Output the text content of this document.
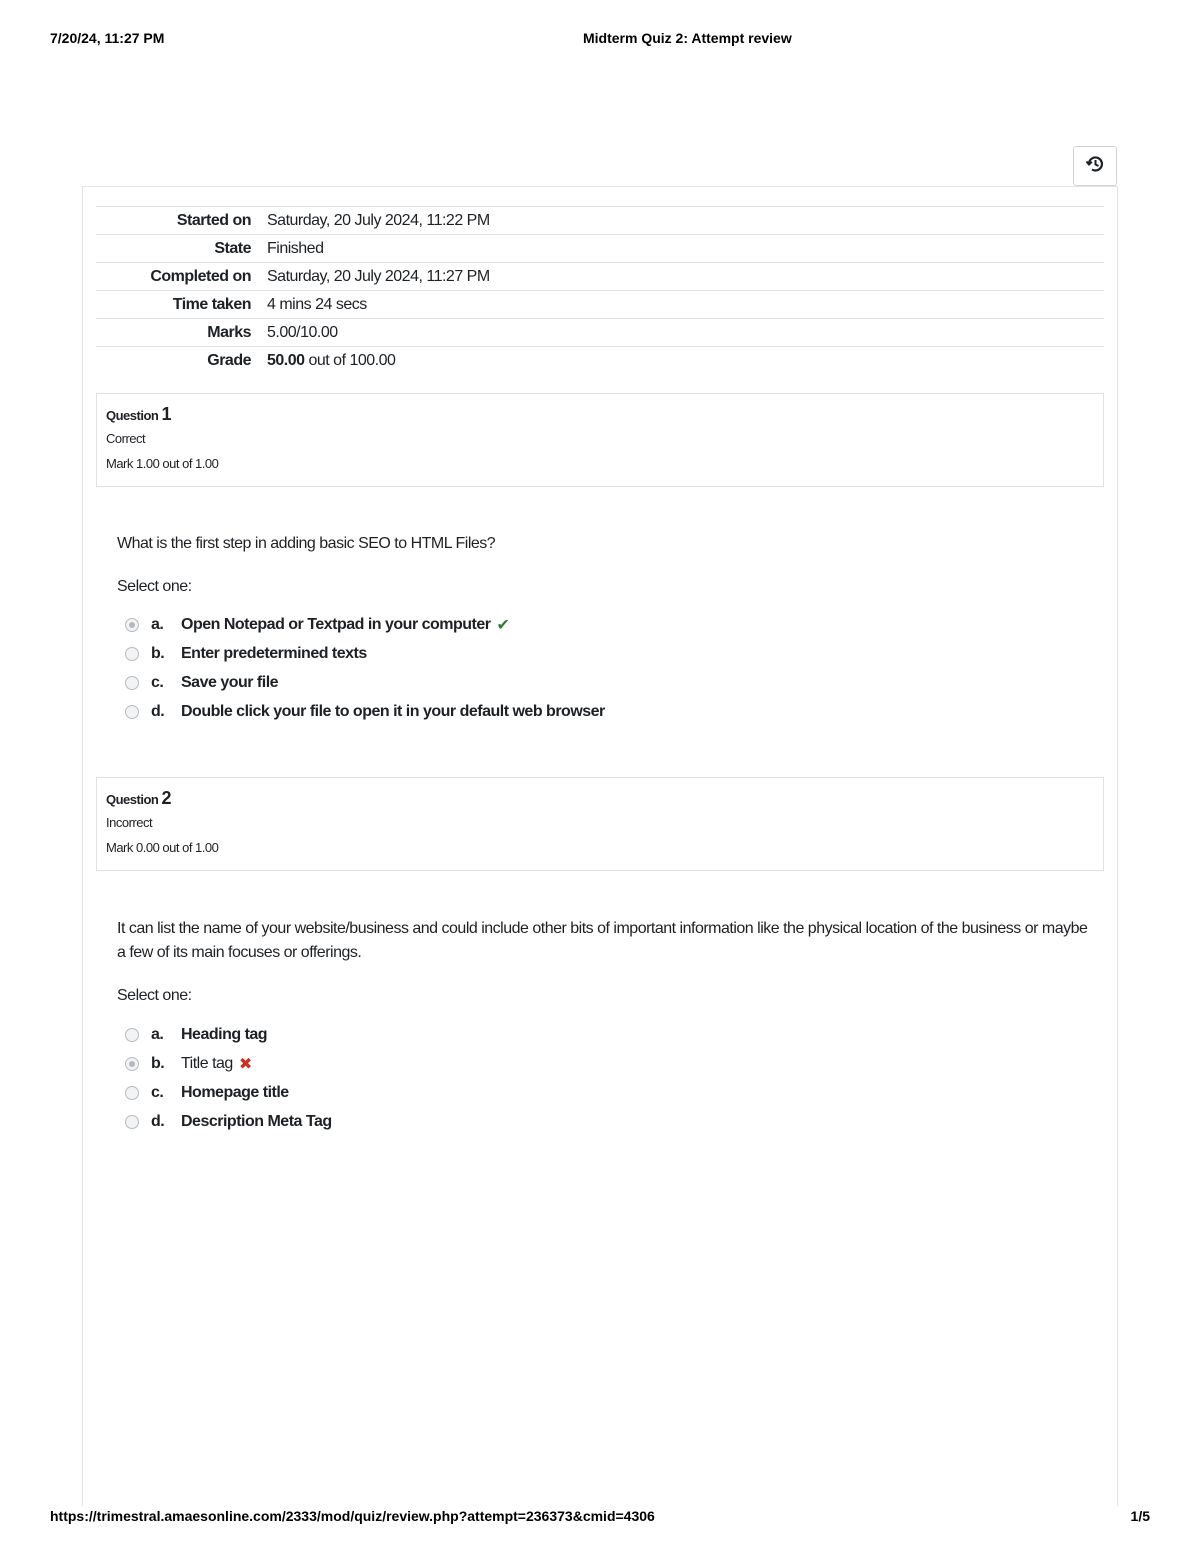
7/20/24, 11:27 PM	Midterm Quiz 2: Attempt review
Started on	Saturday, 20 July 2024, 11:22 PM
State	Finished
Completed on	Saturday, 20 July 2024, 11:27 PM
Time taken	4 mins 24 secs
Marks	5.00/10.00
Grade	50.00 out of 100.00
Question 1
Correct
Mark 1.00 out of 1.00
What is the first step in adding basic SEO to HTML Files?
Select one:
a.	Open Notepad or Textpad in your computer ✔
b.	Enter predetermined texts
c.	Save your file
d.	Double click your file to open it in your default web browser
Question 2
Incorrect
Mark 0.00 out of 1.00
It can list the name of your website/business and could include other bits of important information like the physical location of the business or maybe a few of its main focuses or offerings.
Select one:
a.	Heading tag
b.	Title tag ✖
c.	Homepage title
d.	Description Meta Tag
https://trimestral.amaesonline.com/2333/mod/quiz/review.php?attempt=236373&cmid=4306	1/5
